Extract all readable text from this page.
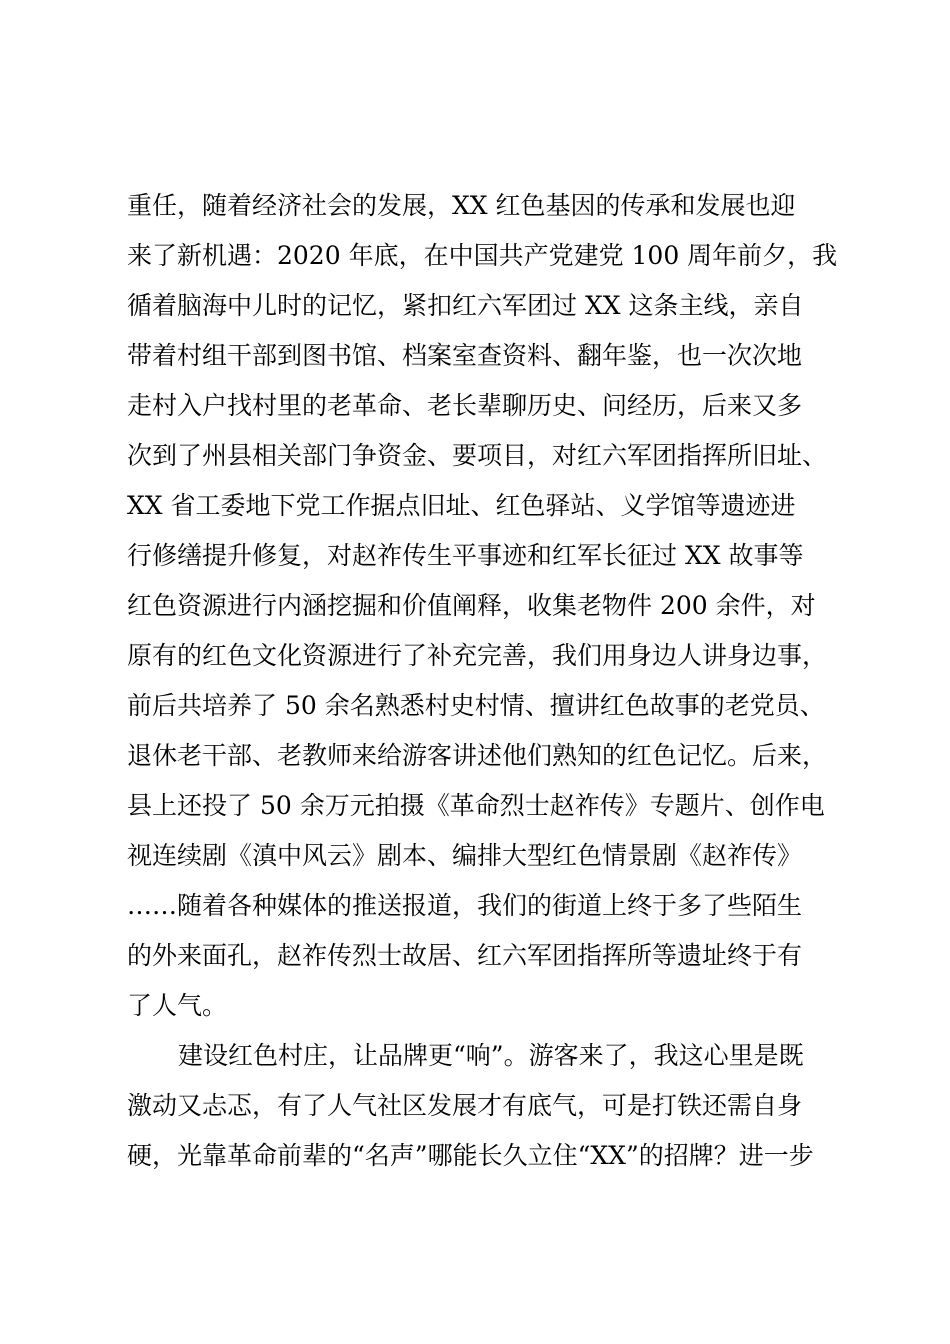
重任，随着经济社会的发展，XX 红色基因的传承和发展也迎
来了新机遇：2020 年底，在中国共产党建党 100 周年前夕，我
循着脑海中儿时的记忆，紧扣红六军团过 XX 这条主线，亲自
带着村组干部到图书馆、档案室查资料、翻年鉴，也一次次地
走村入户找村里的老革命、老长辈聊历史、问经历，后来又多
次到了州县相关部门争资金、要项目，对红六军团指挥所旧址、
XX 省工委地下党工作据点旧址、红色驿站、义学馆等遗迹进
行修缮提升修复，对赵祚传生平事迹和红军长征过 XX 故事等
红色资源进行内涵挖掘和价值阐释，收集老物件 200 余件，对
原有的红色文化资源进行了补充完善，我们用身边人讲身边事，
前后共培养了 50 余名熟悉村史村情、擅讲红色故事的老党员、
退休老干部、老教师来给游客讲述他们熟知的红色记忆。后来，
县上还投了 50 余万元拍摄《革命烈士赵祚传》专题片、创作电
视连续剧《滇中风云》剧本、编排大型红色情景剧《赵祚传》
……随着各种媒体的推送报道，我们的街道上终于多了些陌生
的外来面孔，赵祚传烈士故居、红六军团指挥所等遗址终于有
了人气。
建设红色村庄，让品牌更“响”。游客来了，我这心里是既
激动又忐忑，有了人气社区发展才有底气，可是打铁还需自身
硬，光靠革命前辈的“名声”哪能长久立住“XX”的招牌？进一步
